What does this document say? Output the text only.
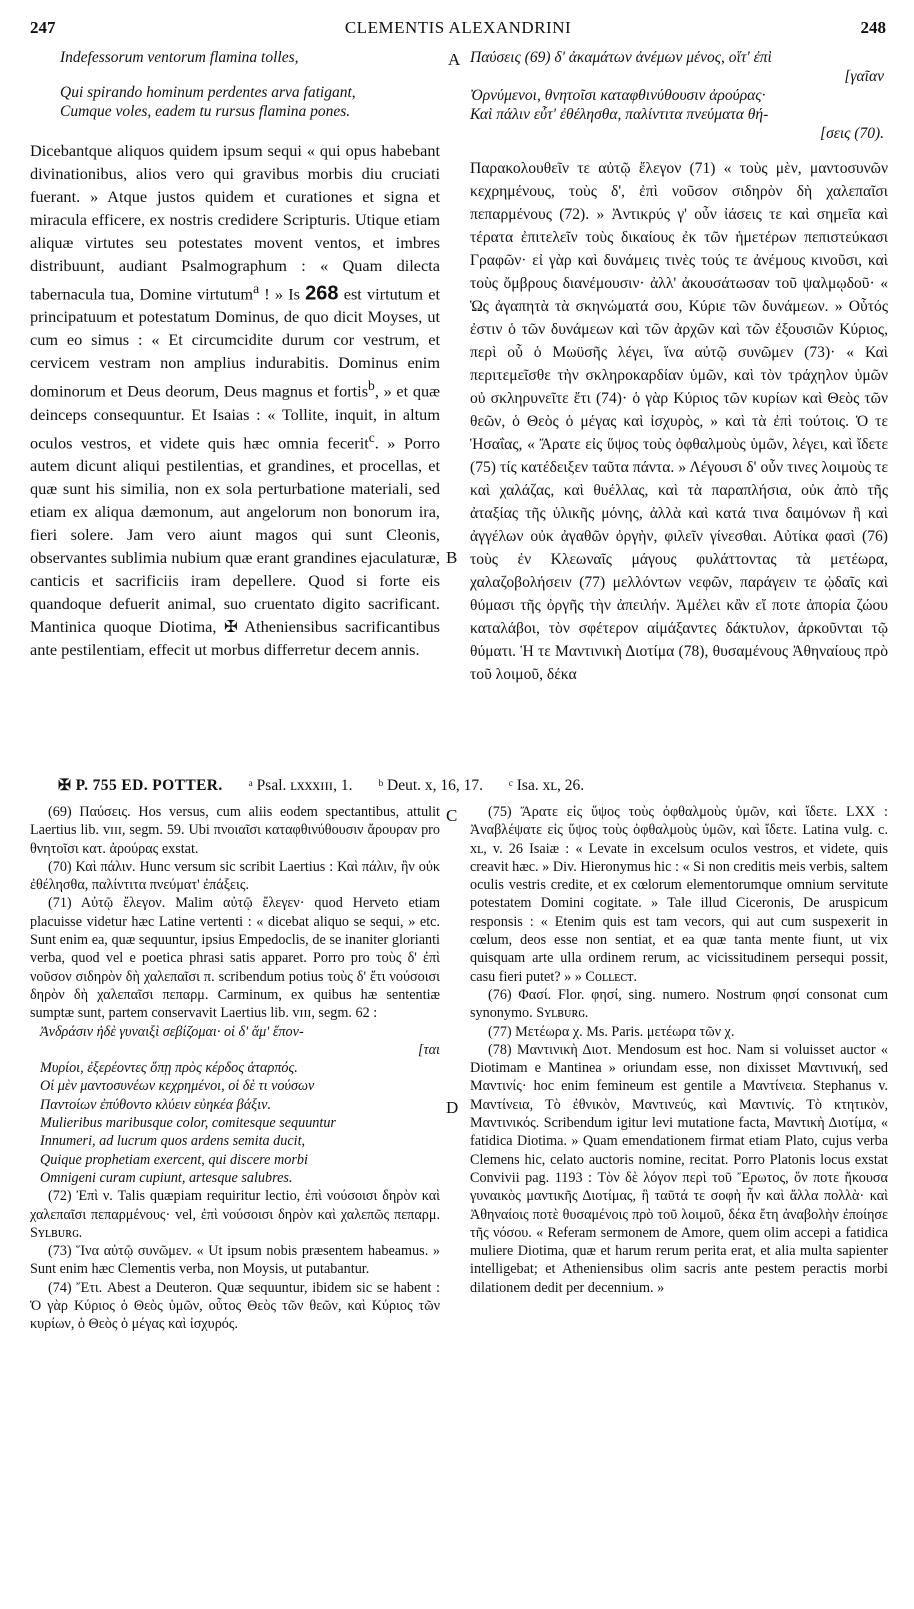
247	CLEMENTIS ALEXANDRINI	248
A
B
C
D

Indefessorum ventorum flamina tolles,

Qui spirando hominum perdentes arva fatigant,

Cumque voles, eadem tu rursus flamina pones.

Dicebantque aliquos quidem ipsum sequi « qui opus habebant divinationibus, alios vero qui gravibus morbis diu cruciati fuerant. » Atque justos quidem et curationes et signa et miracula efficere, ex nostris credidere Scripturis. Utique etiam aliquæ virtutes seu potestates movent ventos, et imbres distribuunt, audiant Psalmographum : « Quam dilecta tabernacula tua, Domine virtutum$^a$ ! » Is 268 est virtutum et principatuum et potestatum Dominus, de quo dicit Moyses, ut cum eo simus : « Et circumcidite durum cor vestrum, et cervicem vestram non amplius indurabitis. Dominus enim dominorum et Deus deorum, Deus magnus et fortis$^b$, » et quæ deinceps consequuntur. Et Isaias : « Tollite, inquit, in altum oculos vestros, et videte quis hæc omnia fecerit$^c$. » Porro autem dicunt aliqui pestilentias, et grandines, et procellas, et quæ sunt his similia, non ex sola perturbatione materiali, sed etiam ex aliqua dæmonum, aut angelorum non bonorum ira, fieri solere. Jam vero aiunt magos qui sunt Cleonis, observantes sublimia nubium quæ erant grandines ejaculaturæ, canticis et sacrificiis iram depellere. Quod si forte eis quandoque defuerit animal, suo cruentato digito sacrificant. Mantinica quoque Diotima, ✠ Atheniensibus sacrificantibus ante pestilentiam, effecit ut morbus differretur decem annis.

Παύσεις (69) δ' ἀκαμάτων ἀνέμων μένος, οἵτ' ἐπὶ

[γαῖαν

Ὀρνύμενοι, θνητοῖσι καταφθινύθουσιν ἀρούρας·

Καὶ πάλιν εὖτ' ἐθέλησθα, παλίντιτα πνεύματα θή-

[σεις (70).

Παρακολουθεῖν τε αὐτῷ ἔλεγον (71) « τοὺς μὲν, μαντοσυνῶν κεχρημένους, τοὺς δ', ἐπὶ νοῦσον σιδηρὸν δὴ χαλεπαῖσι πεπαρμένους (72). » Ἀντικρύς γ' οὖν ἰάσεις τε καὶ σημεῖα καὶ τέρατα ἐπιτελεῖν τοὺς δικαίους ἐκ τῶν ἡμετέρων πεπιστεύκασι Γραφῶν· εἰ γὰρ καὶ δυνάμεις τινὲς τούς τε ἀνέμους κινοῦσι, καὶ τοὺς ὄμβρους διανέμουσιν· ἀλλ' ἀκουσάτωσαν τοῦ ψαλμῳδοῦ· « Ὡς ἀγαπητὰ τὰ σκηνώματά σου, Κύριε τῶν δυνάμεων. » Οὗτός ἐστιν ὁ τῶν δυνάμεων καὶ τῶν ἀρχῶν καὶ τῶν ἐξουσιῶν Κύριος, περὶ οὗ ὁ Μωϋσῆς λέγει, ἵνα αὐτῷ συνῶμεν (73)· « Καὶ περιτεμεῖσθε τὴν σκληροκαρδίαν ὑμῶν, καὶ τὸν τράχηλον ὑμῶν οὐ σκληρυνεῖτε ἔτι (74)· ὁ γὰρ Κύριος τῶν κυρίων καὶ Θεὸς τῶν θεῶν, ὁ Θεὸς ὁ μέγας καὶ ἰσχυρὸς, » καὶ τὰ ἐπὶ τούτοις. Ὁ τε Ἡσαΐας, « Ἄρατε εἰς ὕψος τοὺς ὀφθαλμοὺς ὑμῶν, λέγει, καὶ ἴδετε (75) τίς κατέδειξεν ταῦτα πάντα. » Λέγουσι δ' οὖν τινες λοιμοὺς τε καὶ χαλάζας, καὶ θυέλλας, καὶ τὰ παραπλήσια, οὐκ ἀπὸ τῆς ἀταξίας τῆς ὑλικῆς μόνης, ἀλλὰ καὶ κατά τινα δαιμόνων ἢ καὶ ἀγγέλων οὐκ ἀγαθῶν ὀργὴν, φιλεῖν γίνεσθαι. Αὐτίκα φασὶ (76) τοὺς ἐν Κλεωναῖς μάγους φυλάττοντας τὰ μετέωρα, χαλαζοβολήσειν (77) μελλόντων νεφῶν, παράγειν τε ᾠδαῖς καὶ θύμασι τῆς ὀργῆς τὴν ἀπειλήν. Ἀμέλει κἂν εἴ ποτε ἀπορία ζώου καταλάβοι, τὸν σφέτερον αἱμάξαντες δάκτυλον, ἀρκοῦνται τῷ θύματι. Ἡ τε Μαντινικὴ Διοτίμα (78), θυσαμένους Ἀθηναίους πρὸ τοῦ λοιμοῦ, δέκα
✠ P. 755 ED. POTTER. ᵃ Psal. ʟxxxɪɪɪ, 1. ᵇ Deut. x, 16, 17. ᶜ Isa. xʟ, 26.

(69) Παύσεις. Hos versus, cum aliis eodem spectantibus, attulit Laertius lib. ᴠɪɪɪ, segm. 59. Ubi πνοιαῖσι καταφθινύθουσιν ἄρουραν pro θνητοῖσι κατ. ἀρούρας exstat.

(70) Καὶ πάλιν. Hunc versum sic scribit Laertius : Καὶ πάλιν, ἢν οὐκ ἐθέλησθα, παλίντιτα πνεύματ' ἐπάξεις.

(71) Αὐτῷ ἔλεγον. Malim αὐτῷ ἔλεγεν· quod Herveto etiam placuisse videtur hæc Latine vertenti : « dicebat aliquo se sequi, » etc. Sunt enim ea, quæ sequuntur, ipsius Empedoclis, de se inaniter glorianti verba, quod vel e poetica phrasi satis apparet. Porro pro τοὺς δ' ἐπὶ νοῦσον σιδηρὸν δὴ χαλεπαῖσι π. scribendum potius τοὺς δ' ἔτι νούσοισι δηρὸν δὴ χαλεπαῖσι πεπαρμ. Carminum, ex quibus hæ sententiæ sumptæ sunt, partem conservavit Laertius lib. ᴠɪɪɪ, segm. 62 :

Ἀνδράσιν ἠδὲ γυναιξὶ σεβίζομαι· οἱ δ' ἅμ' ἕπον-

[ται

Μυρίοι, ἐξερέοντες ὅπῃ πρὸς κέρδος ἀταρπός.

Οἱ μὲν μαντοσυνέων κεχρημένοι, οἱ δὲ τι νούσων

Παντοίων ἐπύθοντο κλύειν εὐηκέα βάξιν.

Mulieribus maribusque color, comitesque sequuntur

Innumeri, ad lucrum quos ardens semita ducit,

Quique prophetiam exercent, qui discere morbi

Omnigeni curam cupiunt, artesque salubres.

(72) Ἐπὶ ν. Talis quæpiam requiritur lectio, ἐπὶ νούσοισι δηρὸν καὶ χαλεπαῖσι πεπαρμένους· vel, ἐπὶ νούσοισι δηρὸν καὶ χαλεπῶς πεπαρμ. Sʏʟʙᴜʀɢ.

(73) Ἵνα αὐτῷ συνῶμεν. « Ut ipsum nobis præsentem habeamus. » Sunt enim hæc Clementis verba, non Moysis, ut putabantur.

(74) Ἔτι. Abest a Deuteron. Quæ sequuntur, ibidem sic se habent : Ὁ γὰρ Κύριος ὁ Θεὸς ὑμῶν, οὗτος Θεὸς τῶν θεῶν, καὶ Κύριος τῶν κυρίων, ὁ Θεὸς ὁ μέγας καὶ ἰσχυρός.

(75) Ἄρατε εἰς ὕψος τοὺς ὀφθαλμοὺς ὑμῶν, καὶ ἴδετε. LXX : Ἀναβλέψατε εἰς ὕψος τοὺς ὀφθαλμοὺς ὑμῶν, καὶ ἴδετε. Latina vulg. c. xʟ, v. 26 Isaiæ : « Levate in excelsum oculos vestros, et videte, quis creavit hæc. » Div. Hieronymus hic : « Si non creditis meis verbis, saltem oculis vestris credite, et ex cœlorum elementorumque omnium servitute potestatem Domini cogitate. » Tale illud Ciceronis, De aruspicum responsis : « Etenim quis est tam vecors, qui aut cum suspexerit in cœlum, deos esse non sentiat, et ea quæ tanta mente fiunt, ut vix quisquam arte ulla ordinem rerum, ac vicissitudinem persequi possit, casu fieri putet? » » Cᴏʟʟᴇᴄᴛ.

(76) Φασί. Flor. φησί, sing. numero. Nostrum φησί consonat cum synonymo. Sʏʟʙᴜʀɢ.

(77) Μετέωρα χ. Ms. Paris. μετέωρα τῶν χ.

(78) Μαντινικὴ Διοτ. Mendosum est hoc. Nam si voluisset auctor « Diotimam e Mantinea » oriundam esse, non dixisset Μαντινική, sed Μαντινίς· hoc enim femineum est gentile a Μαντίνεια. Stephanus v. Μαντίνεια, Τὸ ἐθνικὸν, Μαντινεύς, καὶ Μαντινίς. Τὸ κτητικὸν, Μαντινικός. Scribendum igitur levi mutatione facta, Μαντικὴ Διοτίμα, « fatidica Diotima. » Quam emendationem firmat etiam Plato, cujus verba Clemens hic, celato auctoris nomine, recitat. Porro Platonis locus exstat Convivii pag. 1193 : Τὸν δὲ λόγον περὶ τοῦ Ἔρωτος, ὅν ποτε ἤκουσα γυναικὸς μαντικῆς Διοτίμας, ἣ ταῦτά τε σοφὴ ἦν καὶ ἄλλα πολλὰ· καὶ Ἀθηναίοις ποτὲ θυσαμένοις πρὸ τοῦ λοιμοῦ, δέκα ἔτη ἀναβολὴν ἐποίησε τῆς νόσου. « Referam sermonem de Amore, quem olim accepi a fatidica muliere Diotima, quæ et harum rerum perita erat, et alia multa sapienter intelligebat; et Atheniensibus olim sacris ante pestem peractis morbi dilationem dedit per decennium. »
